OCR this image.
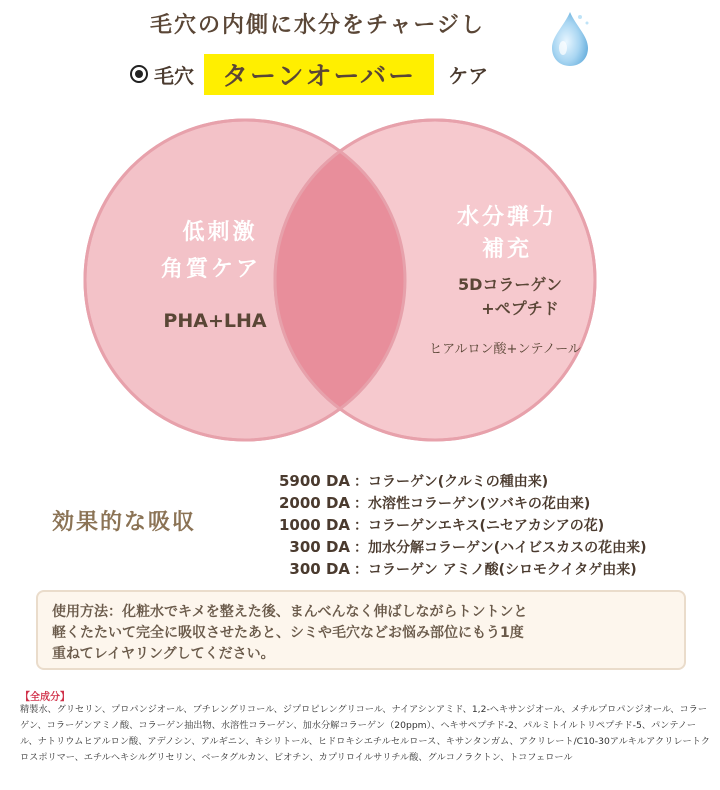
毛穴の内側に水分をチャージし
毛穴	ターンオーバー	ケア
低刺激
角質ケア
PHA+LHA
水分弾力
補充
5Dコラーゲン
+ペプチド
ヒアルロン酸+ンテノール
効果的な吸収
5900 DA ：コラーゲン(クルミの種由来)
2000 DA ：水溶性コラーゲン(ツバキの花由来)
1000 DA ：コラーゲンエキス(ニセアカシアの花)
300 DA ：加水分解コラーゲン(ハイビスカスの花由来)
300 DA ：コラーゲン アミノ酸(シロモクイタゲ由来)
使用方法：化粧水でキメを整えた後、まんべんなく伸ばしながらトントンと
軽くたたいて完全に吸収させたあと、シミや毛穴などお悩み部位にもう1度
重ねてレイヤリングしてください。
【全成分】
精製水、グリセリン、プロパンジオール、ブチレングリコール、ジプロピレングリコール、ナイアシンアミド、1,2-ヘキサンジオール、メチルプロパンジオール、コラーゲン、コラーゲンアミノ酸、コラーゲン抽出物、水溶性コラーゲン、加水分解コラーゲン（20ppm）、ヘキサペプチド-2、パルミトイルトリペプチド-5、パンテノール、ナトリウムヒアルロン酸、アデノシン、アルギニン、キシリトール、ヒドロキシエチルセルロース、キサンタンガム、アクリレート/C10-30アルキルアクリレートクロスポリマー、エチルヘキシルグリセリン、ベータグルカン、ビオチン、カプリロイルサリチル酸、グルコノラクトン、トコフェロール
